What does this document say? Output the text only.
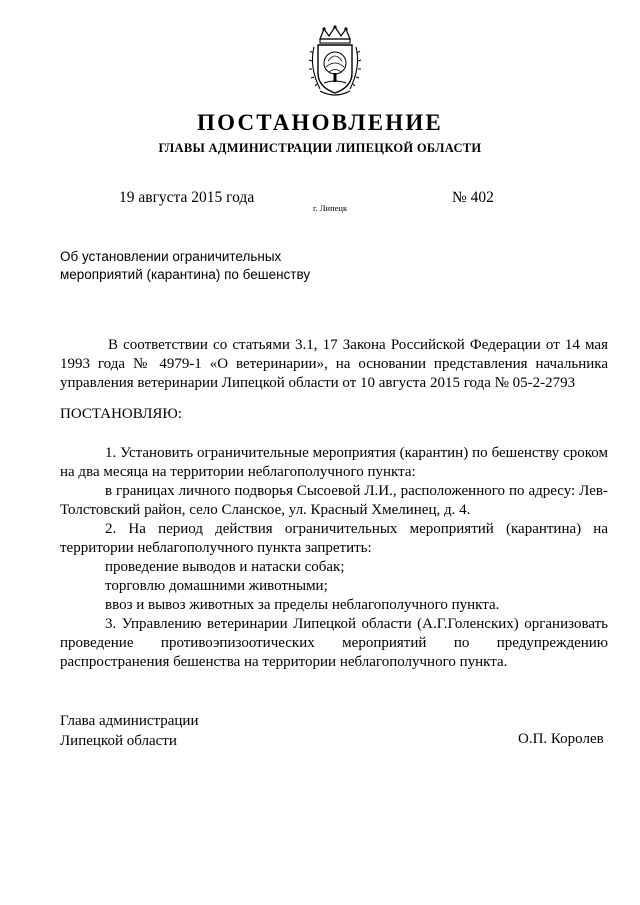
ПОСТАНОВЛЕНИЕ
ГЛАВЫ АДМИНИСТРАЦИИ ЛИПЕЦКОЙ ОБЛАСТИ
19 августа 2015 года
г. Липецк
№ 402
Об установлении ограничительных
мероприятий (карантина) по бешенству

В соответствии со статьями 3.1, 17 Закона Российской Федерации от 14 мая 1993 года № 4979-1 «О ветеринарии», на основании представления начальника управления ветеринарии Липецкой области от 10 августа 2015 года № 05-2-2793

ПОСТАНОВЛЯЮ:

1. Установить ограничительные мероприятия (карантин) по бешенству сроком на два месяца на территории неблагополучного пункта:

в границах личного подворья Сысоевой Л.И., расположенного по адресу: Лев-Толстовский район, село Сланское, ул. Красный Хмелинец, д. 4.

2. На период действия ограничительных мероприятий (карантина) на территории неблагополучного пункта запретить:

проведение выводов и натаски собак;
торговлю домашними животными;
ввоз и вывоз животных за пределы неблагополучного пункта.

3. Управлению ветеринарии Липецкой области (А.Г.Голенских) организовать проведение противоэпизоотических мероприятий по предупреждению распространения бешенства на территории неблагополучного пункта.

Глава администрации
Липецкой области	О.П. Королев
